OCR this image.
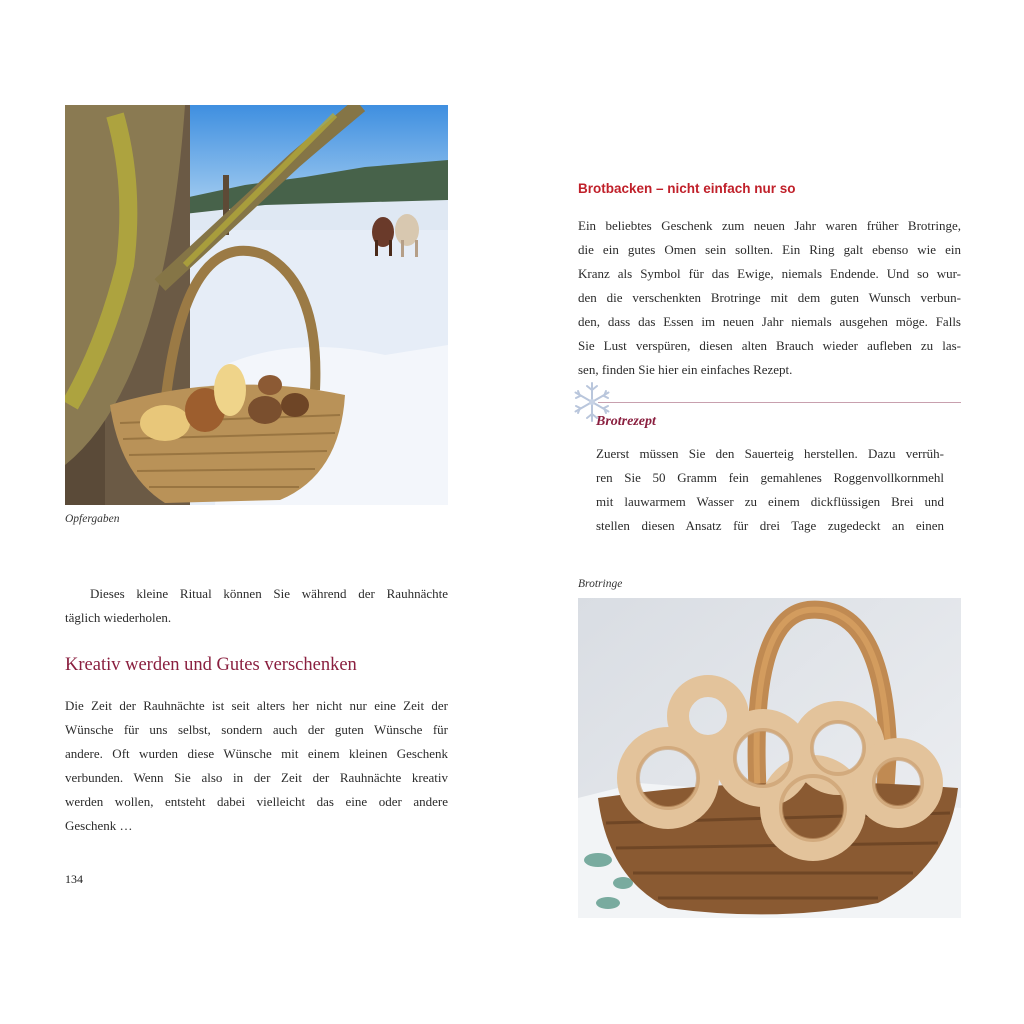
Opfergaben
Dieses kleine Ritual können Sie während der Rauhnächte
täglich wiederholen.
Kreativ werden und Gutes verschenken
Die Zeit der Rauhnächte ist seit alters her nicht nur eine Zeit der
Wünsche für uns selbst, sondern auch der guten Wünsche für
andere. Oft wurden diese Wünsche mit einem kleinen Geschenk
verbunden. Wenn Sie also in der Zeit der Rauhnächte kreativ
werden wollen, entsteht dabei vielleicht das eine oder andere
Geschenk …
134
Brotbacken – nicht einfach nur so
Ein beliebtes Geschenk zum neuen Jahr waren früher Brotringe,
die ein gutes Omen sein sollten. Ein Ring galt ebenso wie ein
Kranz als Symbol für das Ewige, niemals Endende. Und so wur-
den die verschenkten Brotringe mit dem guten Wunsch verbun-
den, dass das Essen im neuen Jahr niemals ausgehen möge. Falls
Sie Lust verspüren, diesen alten Brauch wieder aufleben zu las-
sen, finden Sie hier ein einfaches Rezept.
Brotrezept
Zuerst müssen Sie den Sauerteig herstellen. Dazu verrüh-
ren Sie 50 Gramm fein gemahlenes Roggenvollkornmehl
mit lauwarmem Wasser zu einem dickflüssigen Brei und
stellen diesen Ansatz für drei Tage zugedeckt an einen
Brotringe
